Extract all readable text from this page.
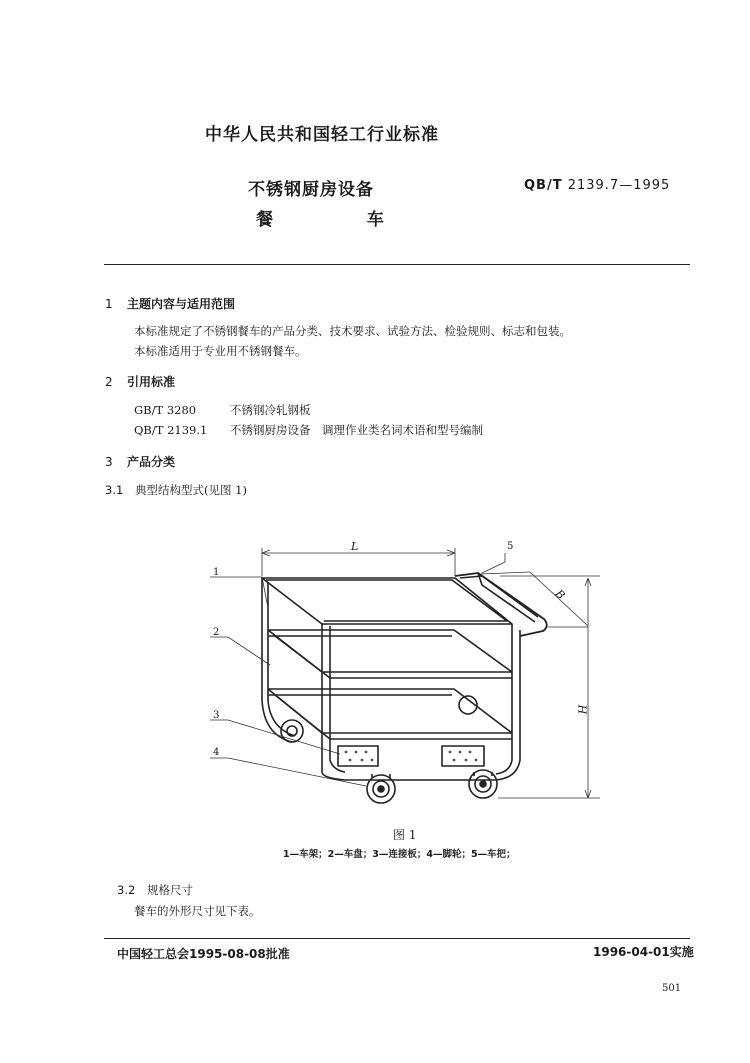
中华人民共和国轻工行业标准
不锈钢厨房设备
餐 车
QB/T 2139.7—1995
1 主题内容与适用范围
本标准规定了不锈钢餐车的产品分类、技术要求、试验方法、检验规则、标志和包装。
本标准适用于专业用不锈钢餐车。
2 引用标准
GB/T 3280	不锈钢冷轧钢板
QB/T 2139.1 不锈钢厨房设备　调理作业类名词术语和型号编制
3 产品分类
3.1 典型结构型式(见图 1)
L
B
H
1
2
3
4
5
图 1
1—车架；2—车盘；3—连接板；4—脚轮；5—车把；
3.2 规格尺寸
餐车的外形尺寸见下表。
中国轻工总会1995-08-08批准	1996-04-01实施
501
